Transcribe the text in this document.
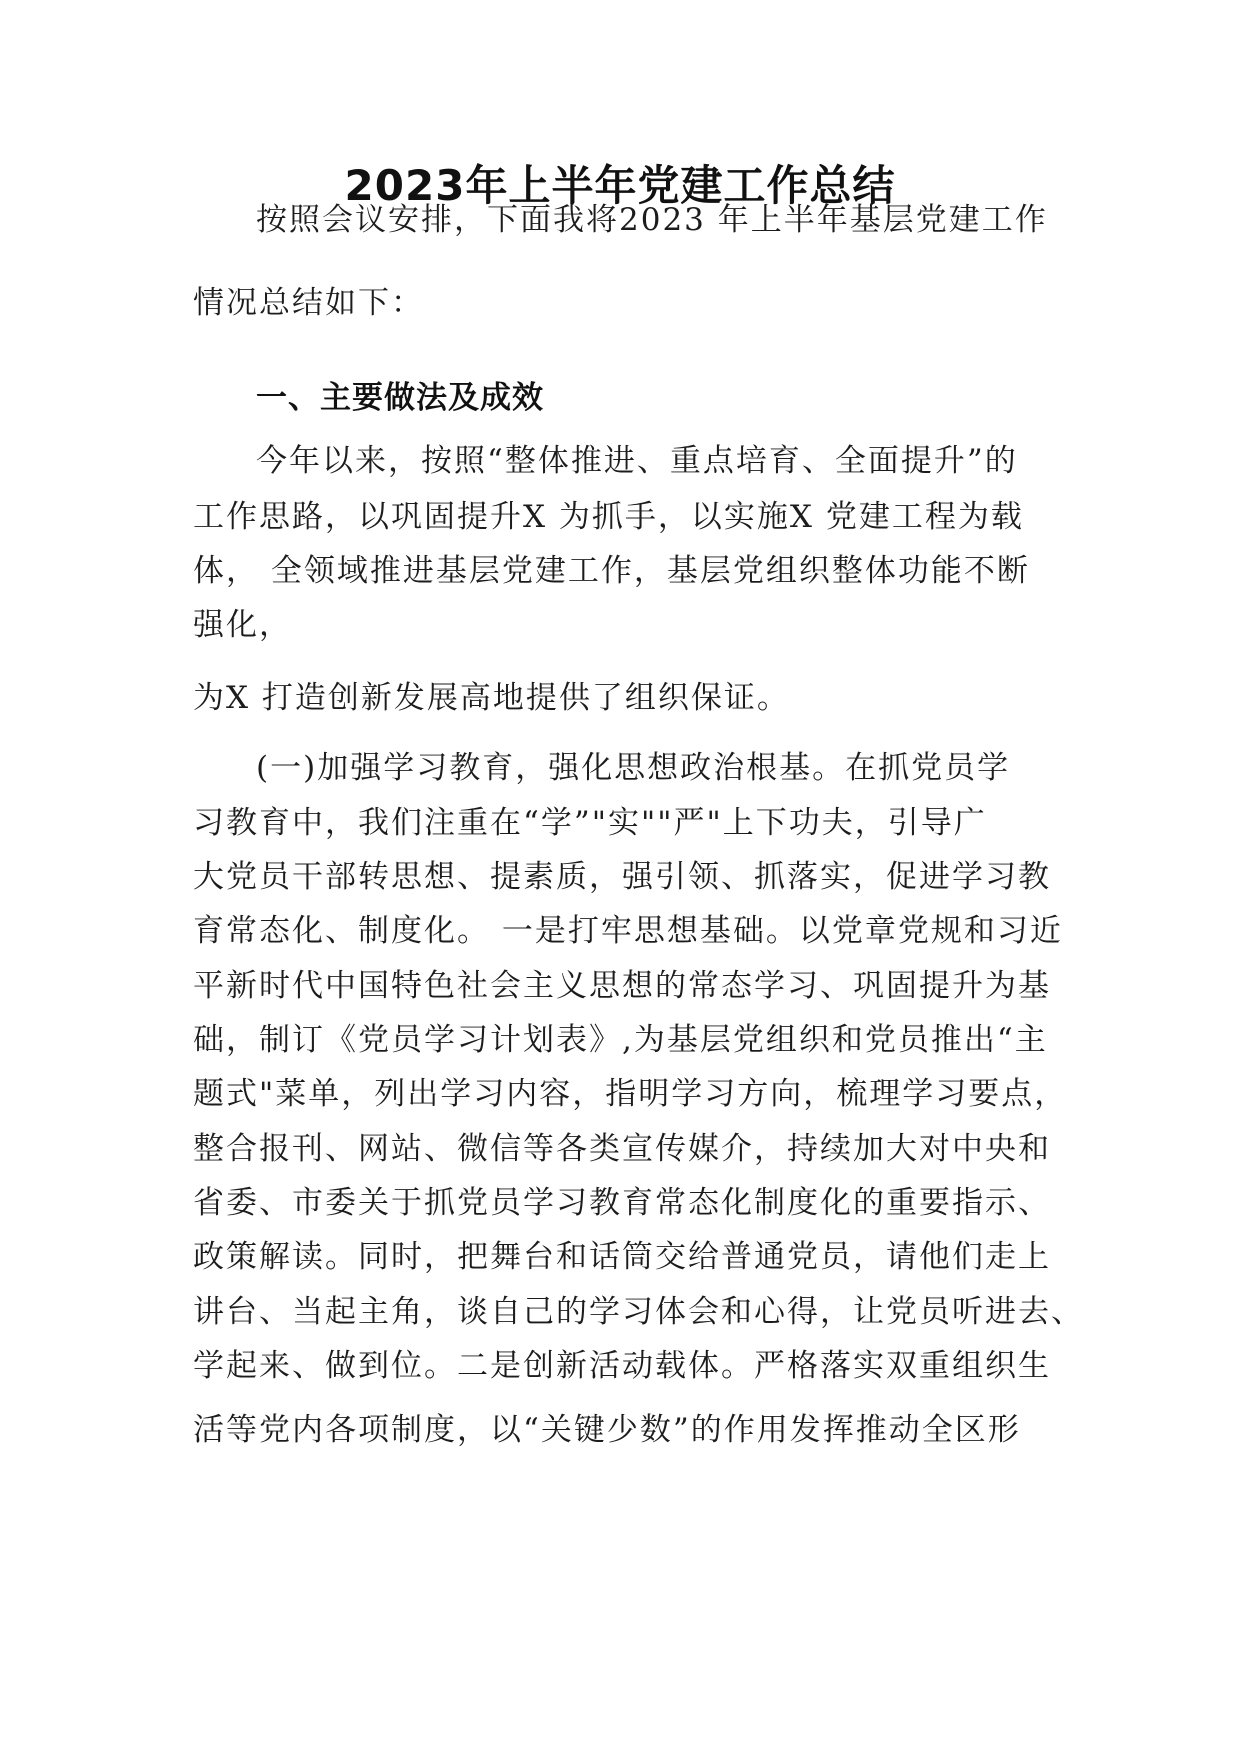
2023年上半年党建工作总结
按照会议安排，下面我将2023 年上半年基层党建工作
情况总结如下：
一、主要做法及成效
今年以来，按照“整体推进、重点培育、全面提升”的
工作思路，以巩固提升X 为抓手，以实施X 党建工程为载
体， 全领域推进基层党建工作，基层党组织整体功能不断
强化，
为X 打造创新发展高地提供了组织保证。
(一)加强学习教育，强化思想政治根基。在抓党员学
习教育中，我们注重在“学”"实""严"上下功夫，引导广
大党员干部转思想、提素质，强引领、抓落实，促进学习教
育常态化、制度化。 一是打牢思想基础。以党章党规和习近
平新时代中国特色社会主义思想的常态学习、巩固提升为基
础，制订《党员学习计划表》,为基层党组织和党员推出“主
题式"菜单，列出学习内容，指明学习方向，梳理学习要点，
整合报刊、网站、微信等各类宣传媒介，持续加大对中央和
省委、市委关于抓党员学习教育常态化制度化的重要指示、
政策解读。同时，把舞台和话筒交给普通党员，请他们走上
讲台、当起主角，谈自己的学习体会和心得，让党员听进去、
学起来、做到位。二是创新活动载体。严格落实双重组织生
活等党内各项制度，以“关键少数”的作用发挥推动全区形
